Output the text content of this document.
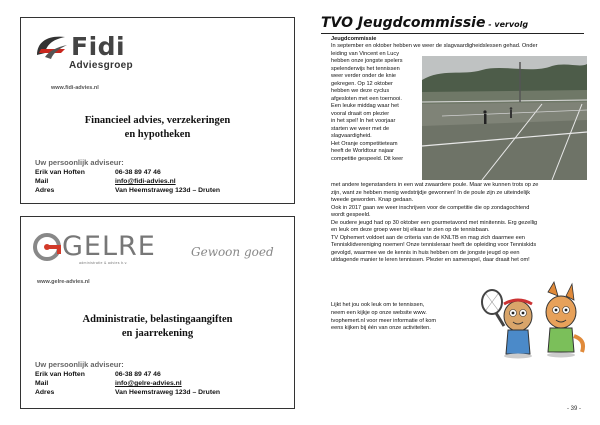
Fidi
Adviesgroep
www.fidi-advies.nl
Financieel advies, verzekeringen
en hypotheken
Uw persoonlijk adviseur:
Erik van Hoften	06-38 89 47 46
Mail	info@fidi-advies.nl
Adres	Van Heemstraweg 123d – Druten
GELRE
administratie & advies b.v.
Gewoon goed
www.gelre-advies.nl
Administratie, belastingaangiften
en jaarrekening
Uw persoonlijk adviseur:
Erik van Hoften	06-38 89 47 46
Mail	info@gelre-advies.nl
Adres	Van Heemstraweg 123d – Druten
TVO Jeugdcommissie - vervolg
Jeugdcommissie

In september en oktober hebben we weer de slagvaardigheidslessen gehad. Onder

leiding van Vincent en Lucy
hebben onze jongste spelers
spelenderwijs het tennissen
weer verder onder de knie
gekregen. Op 12 oktober
hebben we deze cyclus
afgesloten met een toernooi.
Een leuke middag waar het
vooral draait om plezier
in het spel! In het voorjaar
starten we weer met de
slagvaardigheid.
Het Oranje competitieteam
heeft de Worldtour najaar
competitie gespeeld. Dit keer
met andere tegenstanders in een wat zwaardere poule. Maar we kunnen trots op ze
zijn, want ze hebben menig wedstrijdje gewonnen! In de poule zijn ze uiteindelijk
tweede geworden. Knap gedaan.
Ook in 2017 gaan we weer inschrijven voor de competitie die op zondagochtend
wordt gespeeld.
De oudere jeugd had op 30 oktober een gourmetavond met minitennis. Erg gezellig
en leuk om deze groep weer bij elkaar te zien op de tennisbaan.
TV Ophemert voldoet aan de criteria van de KNLTB en mag zich daarmee een
Tennisklidvereniging noemen! Onze tennisleraar heeft de opleiding voor Tenniskids
gevolgd, waarmee we de kennis in huis hebben om de jongste jeugd op een
uitdagende manier te leren tennissen. Plezier en samenspel, daar draait het om!
Lijkt het jou ook leuk om te tennissen,
neem een kijkje op onze website www.
tvophemert.nl voor meer informatie of kom
eens kijken bij één van onze activiteiten.
- 39 -
